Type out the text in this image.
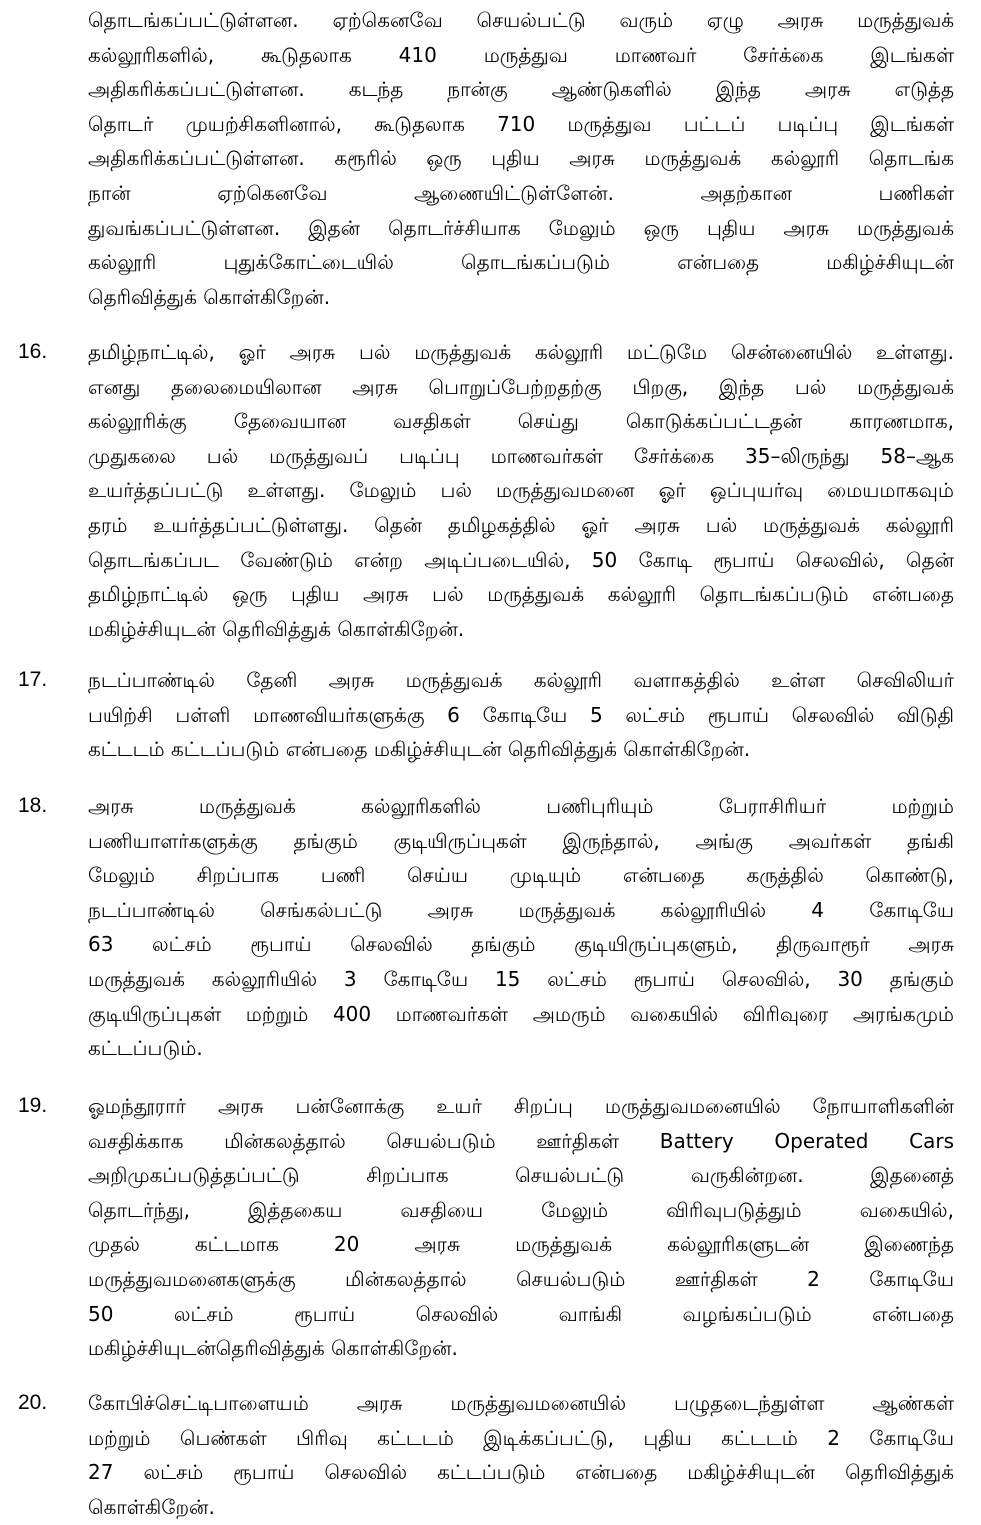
தொடங்கப்பட்டுள்ளன. ஏற்கெனவே செயல்பட்டு வரும் ஏழு அரசு மருத்துவக்
கல்லூரிகளில், கூடுதலாக 410 மருத்துவ மாணவர் சேர்க்கை இடங்கள்
அதிகரிக்கப்பட்டுள்ளன. கடந்த நான்கு ஆண்டுகளில் இந்த அரசு எடுத்த
தொடர் முயற்சிகளினால், கூடுதலாக 710 மருத்துவ பட்டப் படிப்பு இடங்கள்
அதிகரிக்கப்பட்டுள்ளன. கரூரில் ஒரு புதிய அரசு மருத்துவக் கல்லூரி தொடங்க
நான் ஏற்கெனவே ஆணையிட்டுள்ளேன். அதற்கான பணிகள்
துவங்கப்பட்டுள்ளன. இதன் தொடர்ச்சியாக மேலும் ஒரு புதிய அரசு மருத்துவக்
கல்லூரி புதுக்கோட்டையில் தொடங்கப்படும் என்பதை மகிழ்ச்சியுடன்
தெரிவித்துக் கொள்கிறேன்.
16. தமிழ்நாட்டில், ஓர் அரசு பல் மருத்துவக் கல்லூரி மட்டுமே சென்னையில் உள்ளது.
எனது தலைமையிலான அரசு பொறுப்பேற்றதற்கு பிறகு, இந்த பல் மருத்துவக்
கல்லூரிக்கு தேவையான வசதிகள் செய்து கொடுக்கப்பட்டதன் காரணமாக,
முதுகலை பல் மருத்துவப் படிப்பு மாணவர்கள் சேர்க்கை 35–லிருந்து 58–ஆக
உயர்த்தப்பட்டு உள்ளது. மேலும் பல் மருத்துவமனை ஓர் ஒப்புயர்வு மையமாகவும்
தரம் உயர்த்தப்பட்டுள்ளது. தென் தமிழகத்தில் ஓர் அரசு பல் மருத்துவக் கல்லூரி
தொடங்கப்பட வேண்டும் என்ற அடிப்படையில், 50 கோடி ரூபாய் செலவில், தென்
தமிழ்நாட்டில் ஒரு புதிய அரசு பல் மருத்துவக் கல்லூரி தொடங்கப்படும் என்பதை
மகிழ்ச்சியுடன் தெரிவித்துக் கொள்கிறேன்.
17. நடப்பாண்டில் தேனி அரசு மருத்துவக் கல்லூரி வளாகத்தில் உள்ள செவிலியர்
பயிற்சி பள்ளி மாணவியர்களுக்கு 6 கோடியே 5 லட்சம் ரூபாய் செலவில் விடுதி
கட்டடம் கட்டப்படும் என்பதை மகிழ்ச்சியுடன் தெரிவித்துக் கொள்கிறேன்.
18. அரசு மருத்துவக் கல்லூரிகளில் பணிபுரியும் பேராசிரியர் மற்றும்
பணியாளர்களுக்கு தங்கும் குடியிருப்புகள் இருந்தால், அங்கு அவர்கள் தங்கி
மேலும் சிறப்பாக பணி செய்ய முடியும் என்பதை கருத்தில் கொண்டு,
நடப்பாண்டில் செங்கல்பட்டு அரசு மருத்துவக் கல்லூரியில் 4 கோடியே
63 லட்சம் ரூபாய் செலவில் தங்கும் குடியிருப்புகளும், திருவாரூர் அரசு
மருத்துவக் கல்லூரியில் 3 கோடியே 15 லட்சம் ரூபாய் செலவில், 30 தங்கும்
குடியிருப்புகள் மற்றும் 400 மாணவர்கள் அமரும் வகையில் விரிவுரை அரங்கமும்
கட்டப்படும்.
19. ஓமந்தூரார் அரசு பன்னோக்கு உயர் சிறப்பு மருத்துவமனையில் நோயாளிகளின்
வசதிக்காக மின்கலத்தால் செயல்படும் ஊர்திகள் Battery Operated Cars
அறிமுகப்படுத்தப்பட்டு சிறப்பாக செயல்பட்டு வருகின்றன. இதனைத்
தொடர்ந்து, இத்தகைய வசதியை மேலும் விரிவுபடுத்தும் வகையில்,
முதல் கட்டமாக 20 அரசு மருத்துவக் கல்லூரிகளுடன் இணைந்த
மருத்துவமனைகளுக்கு மின்கலத்தால் செயல்படும் ஊர்திகள் 2 கோடியே
50 லட்சம் ரூபாய் செலவில் வாங்கி வழங்கப்படும் என்பதை
மகிழ்ச்சியுடன்தெரிவித்துக் கொள்கிறேன்.
20. கோபிச்செட்டிபாளையம் அரசு மருத்துவமனையில் பழுதடைந்துள்ள ஆண்கள்
மற்றும் பெண்கள் பிரிவு கட்டடம் இடிக்கப்பட்டு, புதிய கட்டடம் 2 கோடியே
27 லட்சம் ரூபாய் செலவில் கட்டப்படும் என்பதை மகிழ்ச்சியுடன் தெரிவித்துக்
கொள்கிறேன்.
